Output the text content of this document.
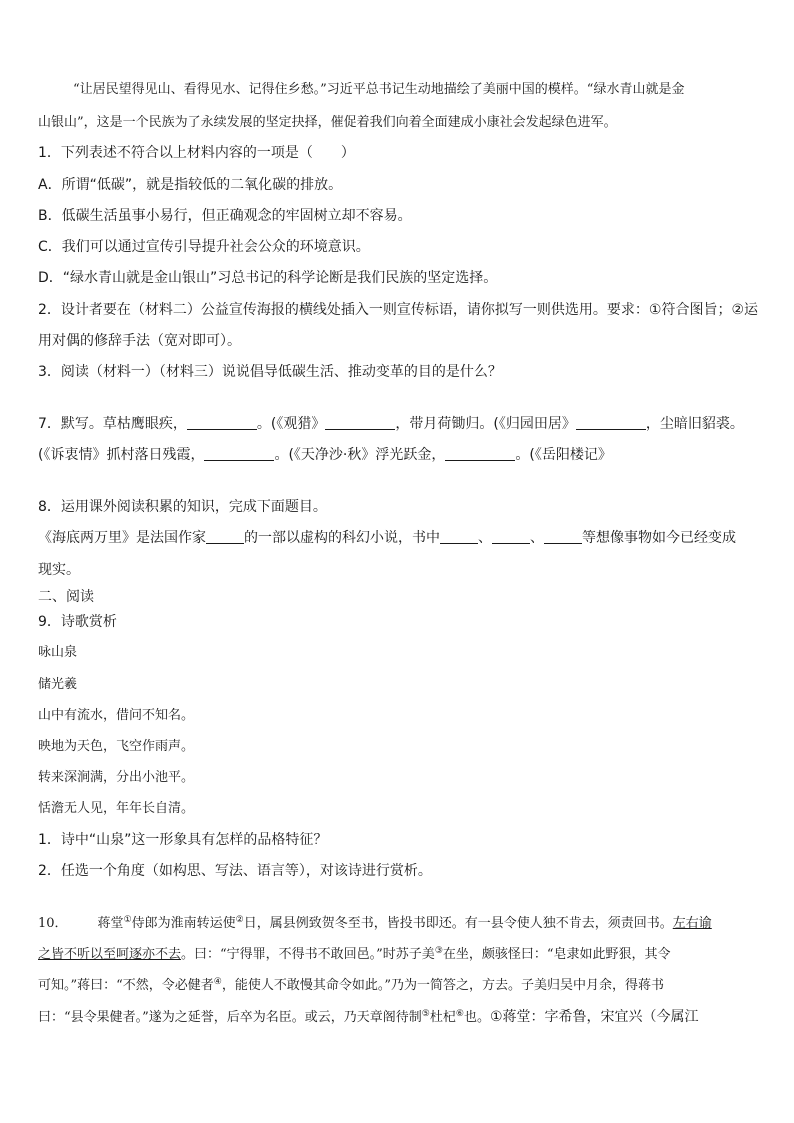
“让居民望得见山、看得见水、记得住乡愁。”习近平总书记生动地描绘了美丽中国的模样。“绿水青山就是金
山银山”，这是一个民族为了永续发展的坚定抉择，催促着我们向着全面建成小康社会发起绿色进军。
1．下列表述不符合以上材料内容的一项是（　　）
A．所谓“低碳”，就是指较低的二氧化碳的排放。
B．低碳生活虽事小易行，但正确观念的牢固树立却不容易。
C．我们可以通过宣传引导提升社会公众的环境意识。
D．“绿水青山就是金山银山”习总书记的科学论断是我们民族的坚定选择。
2．设计者要在（材料二）公益宣传海报的横线处插入一则宣传标语，请你拟写一则供选用。要求：①符合图旨；②运
用对偶的修辞手法（宽对即可）。
3．阅读（材料一）（材料三）说说倡导低碳生活、推动变革的目的是什么？
7．默写。草枯鹰眼疾，	。(《观猎》	，带月荷锄归。(《归园田居》	，尘暗旧貂裘。
(《诉衷情》抓村落日残霞，	。(《天净沙·秋》浮光跃金，	。(《岳阳楼记》
8．运用课外阅读积累的知识，完成下面题目。
《海底两万里》是法国作家	的一部以虚构的科幻小说，书中	、	、	等想像事物如今已经变成
现实。
二、阅读
9．诗歌赏析
咏山泉
储光羲
山中有流水，借问不知名。
映地为天色，飞空作雨声。
转来深涧满，分出小池平。
恬澹无人见，年年长自清。
1．诗中“山泉”这一形象具有怎样的品格特征？
2．任选一个角度（如构思、写法、语言等），对该诗进行赏析。
10． 蒋堂①侍郎为淮南转运使②日，属县例致贺冬至书，皆投书即还。有一县令使人独不肯去，须责回书。左右谕
之皆不听以至呵逐亦不去。曰：“宁得罪，不得书不敢回邑。”时苏子美③在坐，颇骇怪曰：“皂隶如此野狠，其令
可知。”蒋曰：“不然，令必健者④，能使人不敢慢其命令如此。”乃为一简答之，方去。子美归吴中月余，得蒋书
曰：“县令果健者。”遂为之延誉，后卒为名臣。或云，乃天章阁待制⑤杜杞⑥也。①蒋堂：字希鲁，宋宜兴（今属江
